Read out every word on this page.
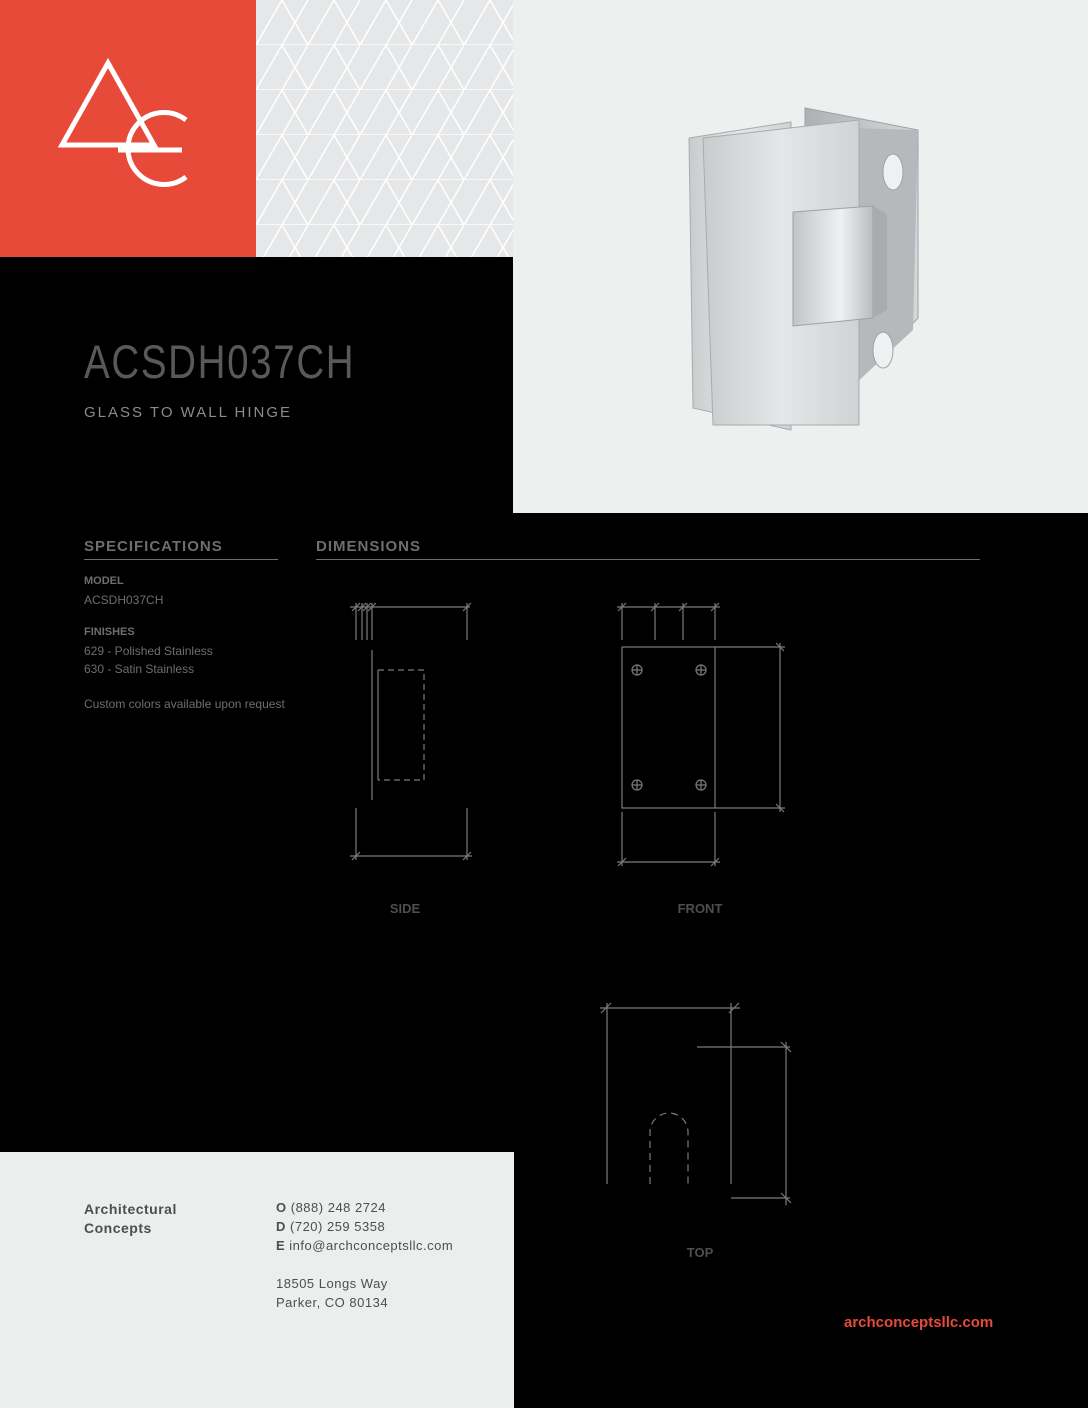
ACSDH037CH
GLASS TO WALL HINGE
SPECIFICATIONS
MODEL
ACSDH037CH
FINISHES
629 - Polished Stainless
630 - Satin Stainless
Custom colors available upon request
DIMENSIONS
SIDE	FRONT
TOP
Architectural
Concepts
O (888) 248 2724
D (720) 259 5358
E info@archconceptsllc.com
18505 Longs Way
Parker, CO 80134
archconceptsllc.com
